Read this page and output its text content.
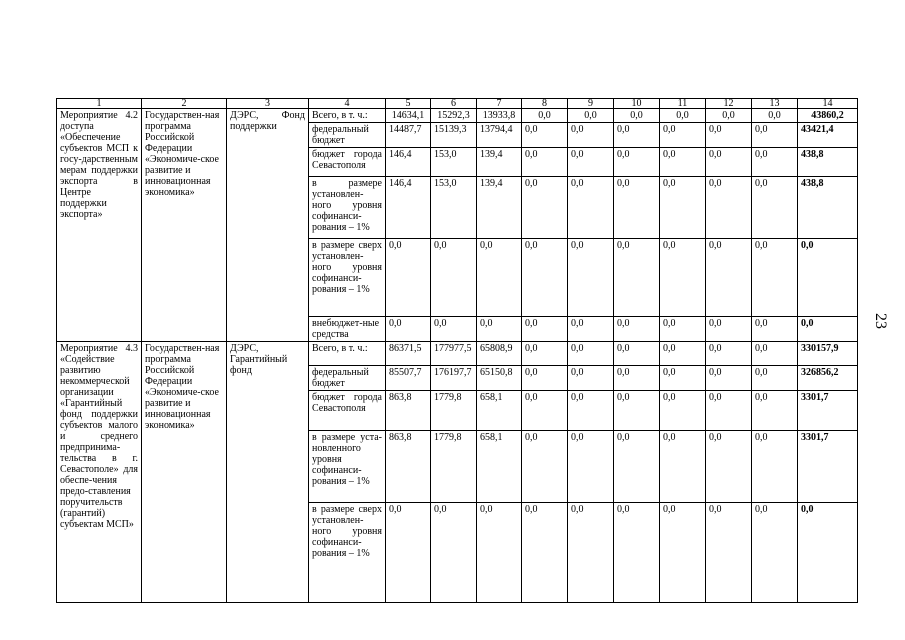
1	2	3	4	5	6	7	8	9	10	11	12	13	14
Мероприятие 4.2 доступа «Обеспечение субъектов МСП к госу-дарственным мерам поддержки экспорта в Центре поддержки экспорта»	Государствен-ная программа Российской Федерации «Экономиче-ское развитие и инновационная экономика»	ДЭРС, Фонд поддержки	Всего, в т. ч.:	14634,1	15292,3	13933,8	0,0	0,0	0,0	0,0	0,0	0,0	43860,2
			федеральный бюджет	14487,7	15139,3	13794,4	0,0	0,0	0,0	0,0	0,0	0,0	43421,4
			бюджет города Севастополя	146,4	153,0	139,4	0,0	0,0	0,0	0,0	0,0	0,0	438,8
			в размере установлен-ного уровня софинанси-рования – 1%	146,4	153,0	139,4	0,0	0,0	0,0	0,0	0,0	0,0	438,8
			в размере сверх установлен-ного уровня софинанси-рования – 1%	0,0	0,0	0,0	0,0	0,0	0,0	0,0	0,0	0,0	0,0
			внебюджет-ные средства	0,0	0,0	0,0	0,0	0,0	0,0	0,0	0,0	0,0	0,0
Мероприятие 4.3 «Содействие развитию некоммерческой организации «Гарантийный фонд поддержки субъектов малого и среднего предпринима-тельства в г. Севастополе» для обеспе-чения предо-ставления поручительств (гарантий) субъектам МСП»	Государствен-ная программа Российской Федерации «Экономиче-ское развитие и инновационная экономика»	ДЭРС, Гарантийный фонд	Всего, в т. ч.:	86371,5	177977,5	65808,9	0,0	0,0	0,0	0,0	0,0	0,0	330157,9
			федеральный бюджет	85507,7	176197,7	65150,8	0,0	0,0	0,0	0,0	0,0	0,0	326856,2
			бюджет города Севастополя	863,8	1779,8	658,1	0,0	0,0	0,0	0,0	0,0	0,0	3301,7
			в размере уста-новленного уровня софинанси-рования – 1%	863,8	1779,8	658,1	0,0	0,0	0,0	0,0	0,0	0,0	3301,7
			в размере сверх установлен-ного уровня софинанси-рования – 1%	0,0	0,0	0,0	0,0	0,0	0,0	0,0	0,0	0,0	0,0
23
